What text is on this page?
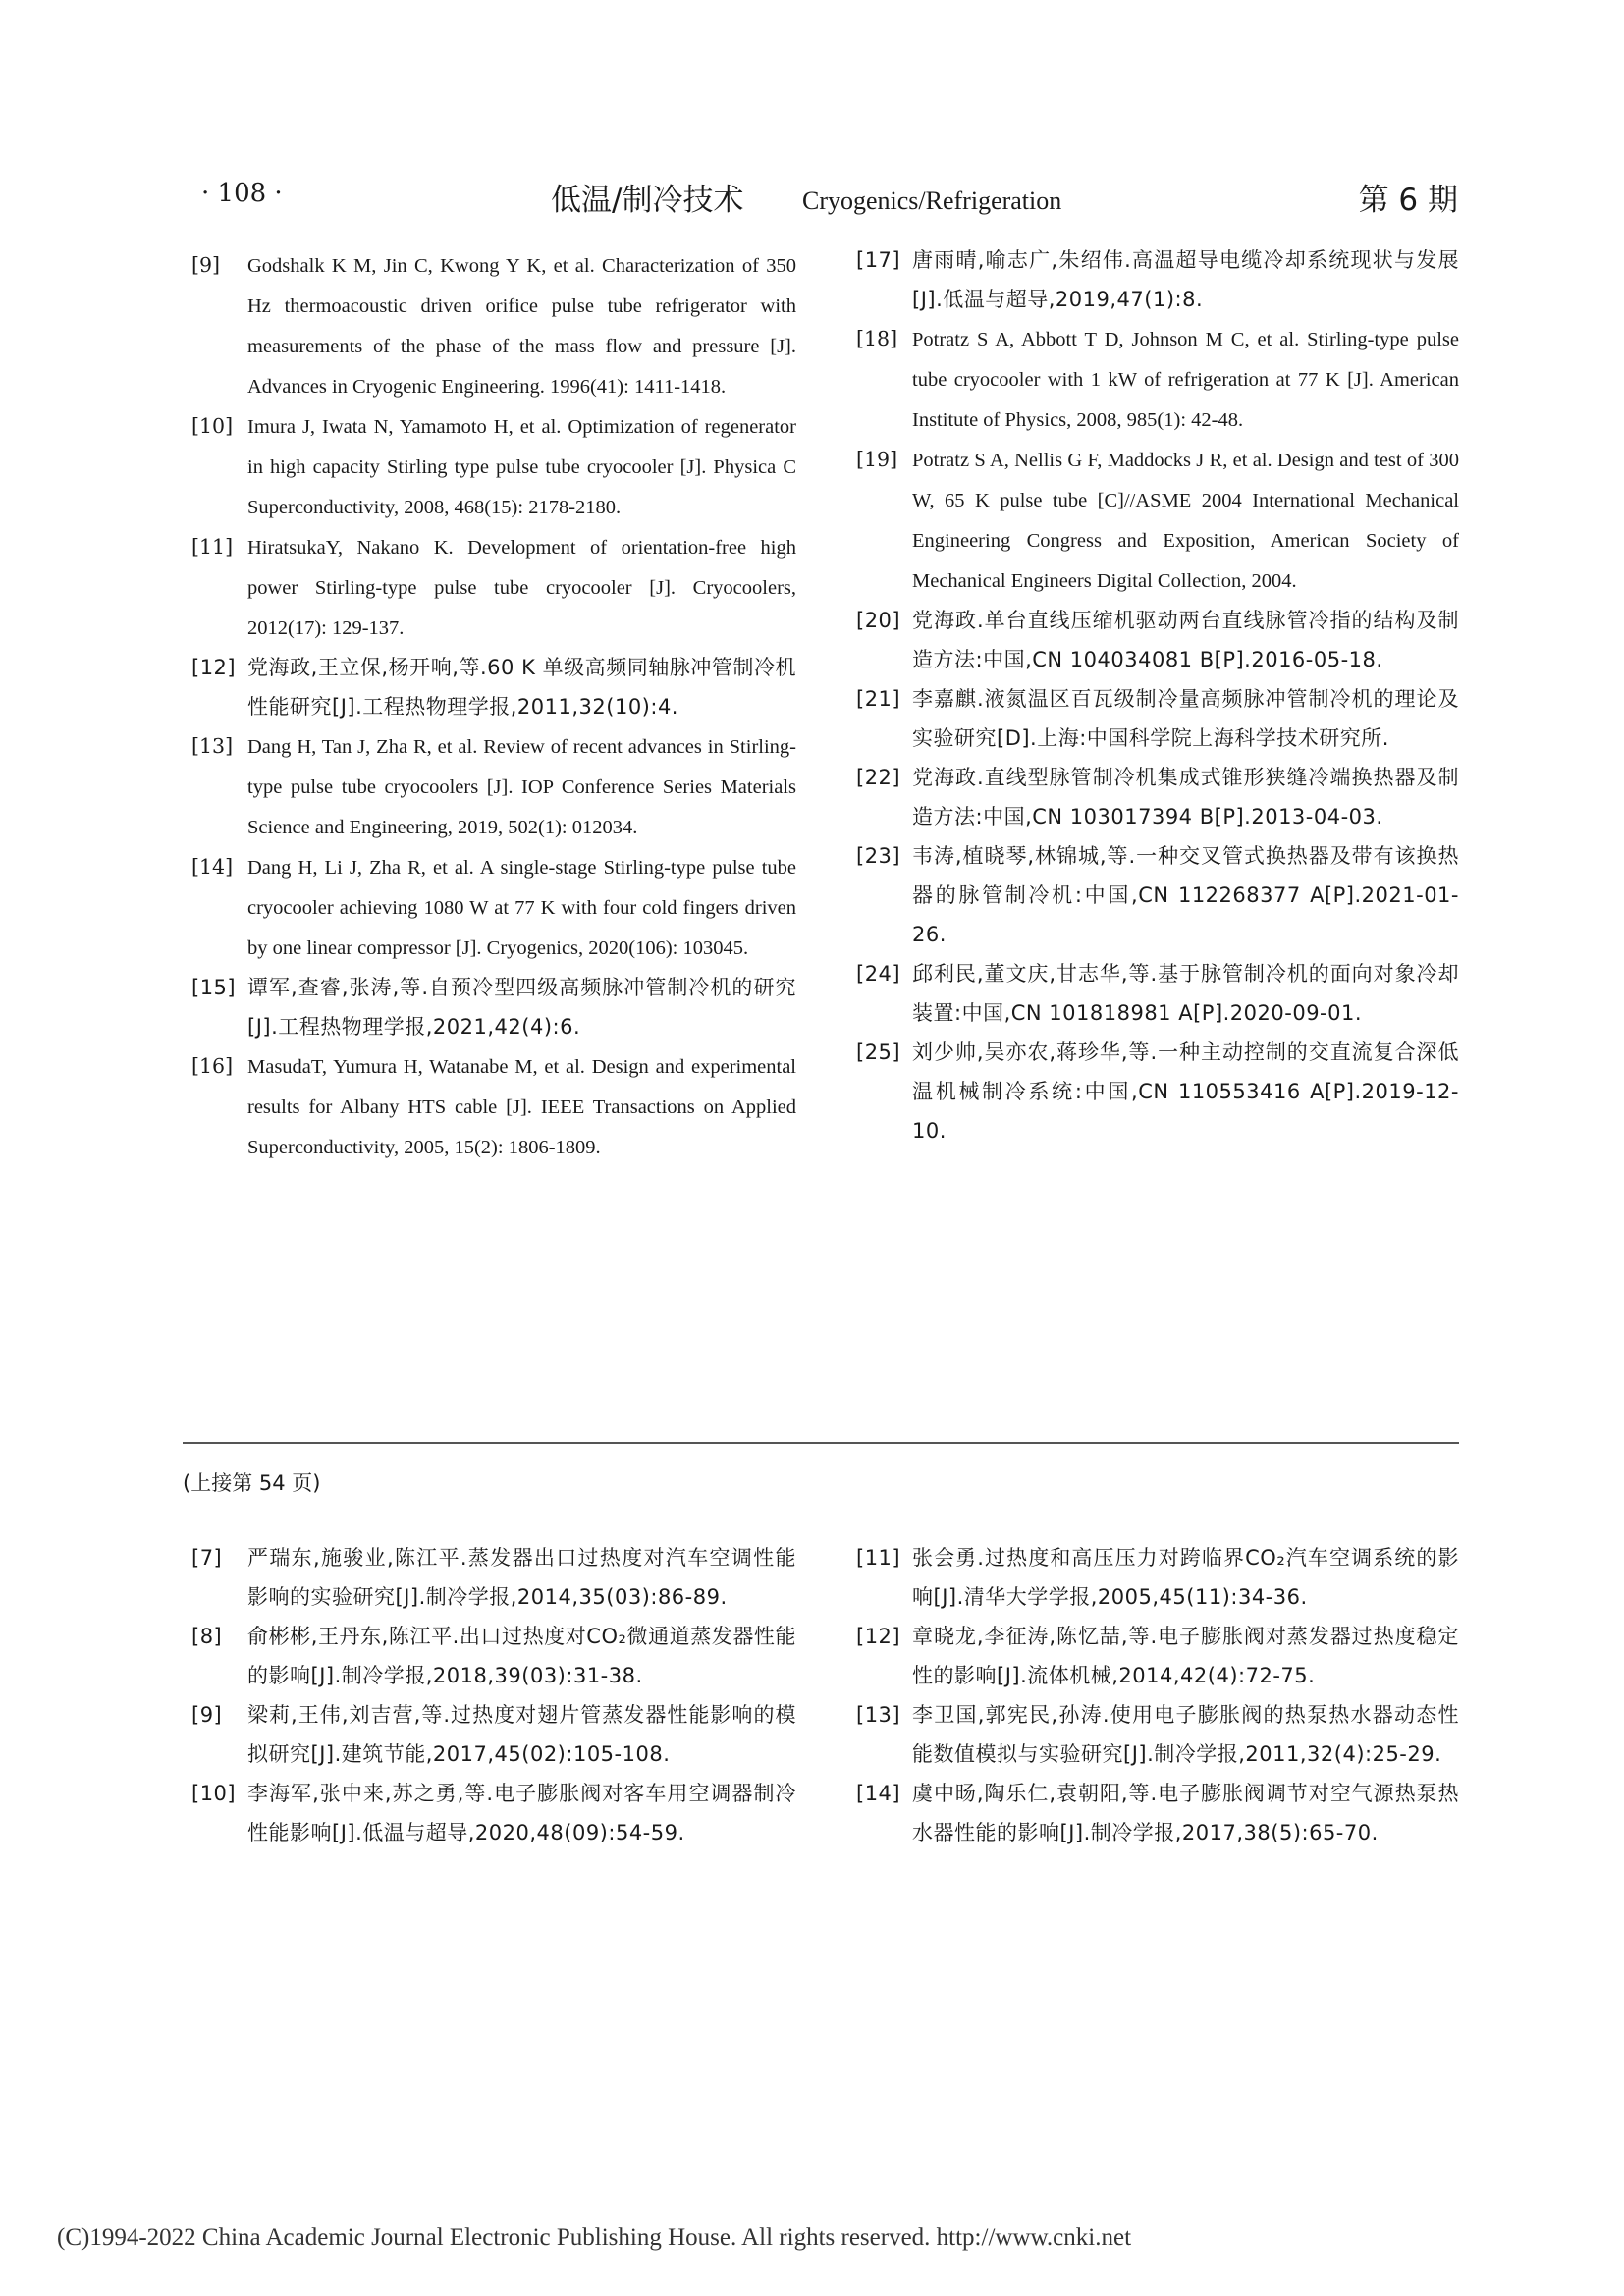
· 108 ·	低温/制冷技术 Cryogenics/Refrigeration	第 6 期

[9] Godshalk K M, Jin C, Kwong Y K, et al. Characterization of 350 Hz thermoacoustic driven orifice pulse tube refrigerator with measurements of the phase of the mass flow and pressure [J]. Advances in Cryogenic Engineering. 1996(41): 1411-1418.

[10] Imura J, Iwata N, Yamamoto H, et al. Optimization of regenerator in high capacity Stirling type pulse tube cryocooler [J]. Physica C Superconductivity, 2008, 468(15): 2178-2180.

[11] HiratsukaY, Nakano K. Development of orientation-free high power Stirling-type pulse tube cryocooler [J]. Cryocoolers, 2012(17): 129-137.

[12] 党海政,王立保,杨开响,等.60 K 单级高频同轴脉冲管制冷机性能研究[J].工程热物理学报,2011,32(10):4.

[13] Dang H, Tan J, Zha R, et al. Review of recent advances in Stirling-type pulse tube cryocoolers [J]. IOP Conference Series Materials Science and Engineering, 2019, 502(1): 012034.

[14] Dang H, Li J, Zha R, et al. A single-stage Stirling-type pulse tube cryocooler achieving 1080 W at 77 K with four cold fingers driven by one linear compressor [J]. Cryogenics, 2020(106): 103045.

[15] 谭军,查睿,张涛,等.自预冷型四级高频脉冲管制冷机的研究[J].工程热物理学报,2021,42(4):6.

[16] MasudaT, Yumura H, Watanabe M, et al. Design and experimental results for Albany HTS cable [J]. IEEE Transactions on Applied Superconductivity, 2005, 15(2): 1806-1809.

[17] 唐雨晴,喻志广,朱绍伟.高温超导电缆冷却系统现状与发展[J].低温与超导,2019,47(1):8.

[18] Potratz S A, Abbott T D, Johnson M C, et al. Stirling-type pulse tube cryocooler with 1 kW of refrigeration at 77 K [J]. American Institute of Physics, 2008, 985(1): 42-48.

[19] Potratz S A, Nellis G F, Maddocks J R, et al. Design and test of 300 W, 65 K pulse tube [C]//ASME 2004 International Mechanical Engineering Congress and Exposition, American Society of Mechanical Engineers Digital Collection, 2004.

[20] 党海政.单台直线压缩机驱动两台直线脉管冷指的结构及制造方法:中国,CN 104034081 B[P].2016-05-18.

[21] 李嘉麒.液氮温区百瓦级制冷量高频脉冲管制冷机的理论及实验研究[D].上海:中国科学院上海科学技术研究所.

[22] 党海政.直线型脉管制冷机集成式锥形狭缝冷端换热器及制造方法:中国,CN 103017394 B[P].2013-04-03.

[23] 韦涛,植晓琴,林锦城,等.一种交叉管式换热器及带有该换热器的脉管制冷机:中国,CN 112268377 A[P].2021-01-26.

[24] 邱利民,董文庆,甘志华,等.基于脉管制冷机的面向对象冷却装置:中国,CN 101818981 A[P].2020-09-01.

[25] 刘少帅,吴亦农,蒋珍华,等.一种主动控制的交直流复合深低温机械制冷系统:中国,CN 110553416 A[P].2019-12-10.

(上接第 54 页)

[7] 严瑞东,施骏业,陈江平.蒸发器出口过热度对汽车空调性能影响的实验研究[J].制冷学报,2014,35(03):86-89.

[8] 俞彬彬,王丹东,陈江平.出口过热度对CO₂微通道蒸发器性能的影响[J].制冷学报,2018,39(03):31-38.

[9] 梁莉,王伟,刘吉营,等.过热度对翅片管蒸发器性能影响的模拟研究[J].建筑节能,2017,45(02):105-108.

[10] 李海军,张中来,苏之勇,等.电子膨胀阀对客车用空调器制冷性能影响[J].低温与超导,2020,48(09):54-59.

[11] 张会勇.过热度和高压压力对跨临界CO₂汽车空调系统的影响[J].清华大学学报,2005,45(11):34-36.

[12] 章晓龙,李征涛,陈忆喆,等.电子膨胀阀对蒸发器过热度稳定性的影响[J].流体机械,2014,42(4):72-75.

[13] 李卫国,郭宪民,孙涛.使用电子膨胀阀的热泵热水器动态性能数值模拟与实验研究[J].制冷学报,2011,32(4):25-29.

[14] 虞中旸,陶乐仁,袁朝阳,等.电子膨胀阀调节对空气源热泵热水器性能的影响[J].制冷学报,2017,38(5):65-70.

(C)1994-2022 China Academic Journal Electronic Publishing House. All rights reserved. http://www.cnki.net
